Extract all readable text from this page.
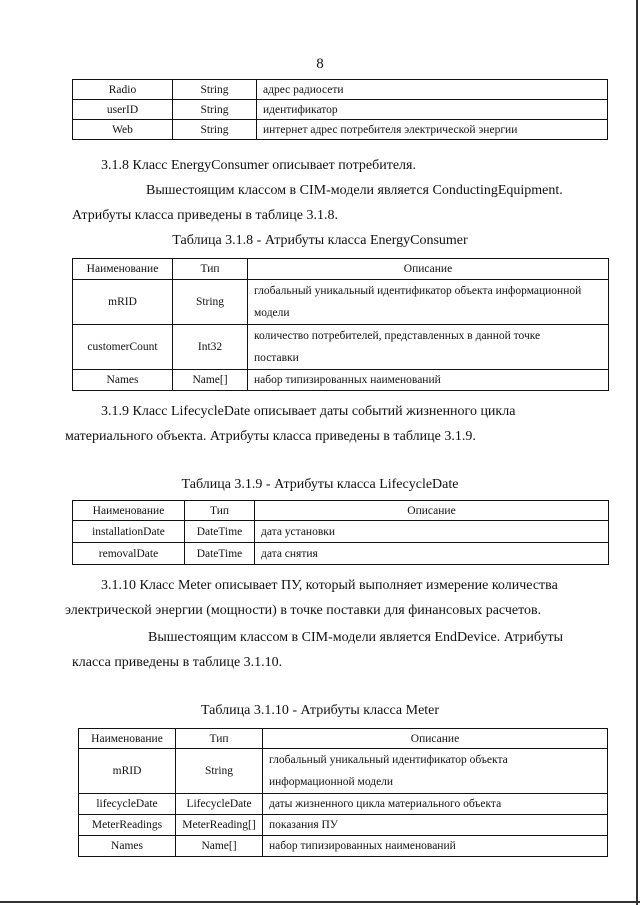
8
Radio	String	адрес радиосети
userID	String	идентификатор
Web	String	интернет адрес потребителя электрической энергии

3.1.8 Класс EnergyConsumer описывает потребителя.

Вышестоящим классом в CIM-модели является ConductingEquipment.

Атрибуты класса приведены в таблице 3.1.8.

Таблица 3.1.8 - Атрибуты класса EnergyConsumer

Наименование	Тип	Описание
mRID	String	глобальный уникальный идентификатор объекта информационной
модели
customerCount	Int32	количество потребителей, представленных в данной точке
поставки
Names	Name[]	набор типизированных наименований

3.1.9 Класс LifecycleDate описывает даты событий жизненного цикла

материального объекта. Атрибуты класса приведены в таблице 3.1.9.

Таблица 3.1.9 - Атрибуты класса LifecycleDate

Наименование	Тип	Описание
installationDate	DateTime	дата установки
removalDate	DateTime	дата снятия

3.1.10 Класс Meter описывает ПУ, который выполняет измерение количества

электрической энергии (мощности) в точке поставки для финансовых расчетов.

Вышестоящим классом в CIM-модели является EndDevice. Атрибуты

класса приведены в таблице 3.1.10.

Таблица 3.1.10 - Атрибуты класса Meter

Наименование	Тип	Описание
mRID	String	глобальный уникальный идентификатор объекта
информационной модели
lifecycleDate	LifecycleDate	даты жизненного цикла материального объекта
MeterReadings	MeterReading[]	показания ПУ
Names	Name[]	набор типизированных наименований
